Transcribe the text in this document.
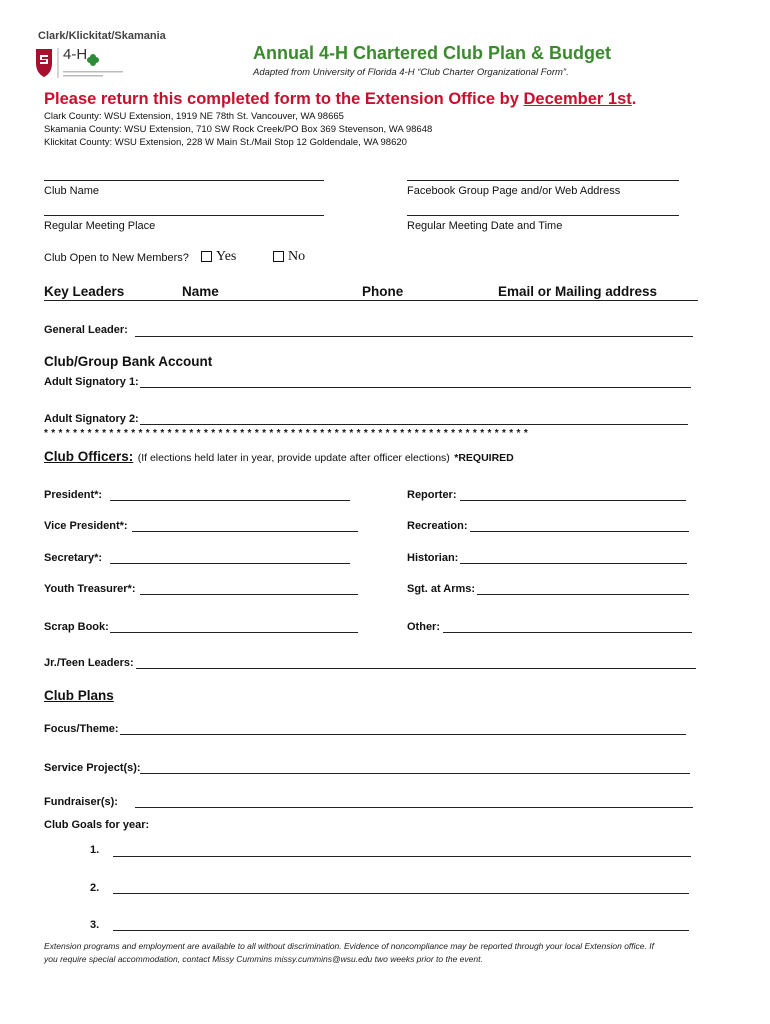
Clark/Klickitat/Skamania
4-H	Annual 4-H Chartered Club Plan & Budget
Adapted from University of Florida 4-H “Club Charter Organizational Form”.
Please return this completed form to the Extension Office by December 1st.
Clark County: WSU Extension, 1919 NE 78th St. Vancouver, WA 98665
Skamania County: WSU Extension, 710 SW Rock Creek/PO Box 369 Stevenson, WA 98648
Klickitat County: WSU Extension, 228 W Main St./Mail Stop 12 Goldendale, WA 98620
Club Name	Facebook Group Page and/or Web Address
Regular Meeting Place	Regular Meeting Date and Time
Club Open to New Members?	Yes	No
Key Leaders	Name	Phone	Email or Mailing address
General Leader:
Club/Group Bank Account
Adult Signatory 1:
Adult Signatory 2:
* * * * * * * * * * * * * * * * * * * * * * * * * * * * * * * * * * * * * * * * * * * * * * * * * * * * * * * * * * * * * * * * * * *
Club Officers: (If elections held later in year, provide update after officer elections) *REQUIRED
President*:	Reporter:
Vice President*:	Recreation:
Secretary*:	Historian:
Youth Treasurer*:	Sgt. at Arms:
Scrap Book:	Other:
Jr./Teen Leaders:
Club Plans
Focus/Theme:
Service Project(s):
Fundraiser(s):
Club Goals for year:
1.
2.
3.
Extension programs and employment are available to all without discrimination. Evidence of noncompliance may be reported through your local Extension office. If
you require special accommodation, contact Missy Cummins missy.cummins@wsu.edu two weeks prior to the event.
